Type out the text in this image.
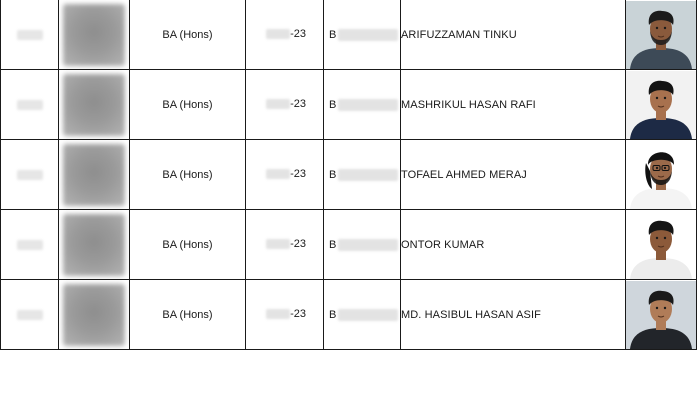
		BA (Hons)	-23	B	ARIFUZZAMAN TINKU	

		BA (Hons)	-23	B	MASHRIKUL HASAN RAFI	

		BA (Hons)	-23	B	TOFAEL AHMED MERAJ	

		BA (Hons)	-23	B	ONTOR KUMAR	

		BA (Hons)	-23	B	MD. HASIBUL HASAN ASIF	
